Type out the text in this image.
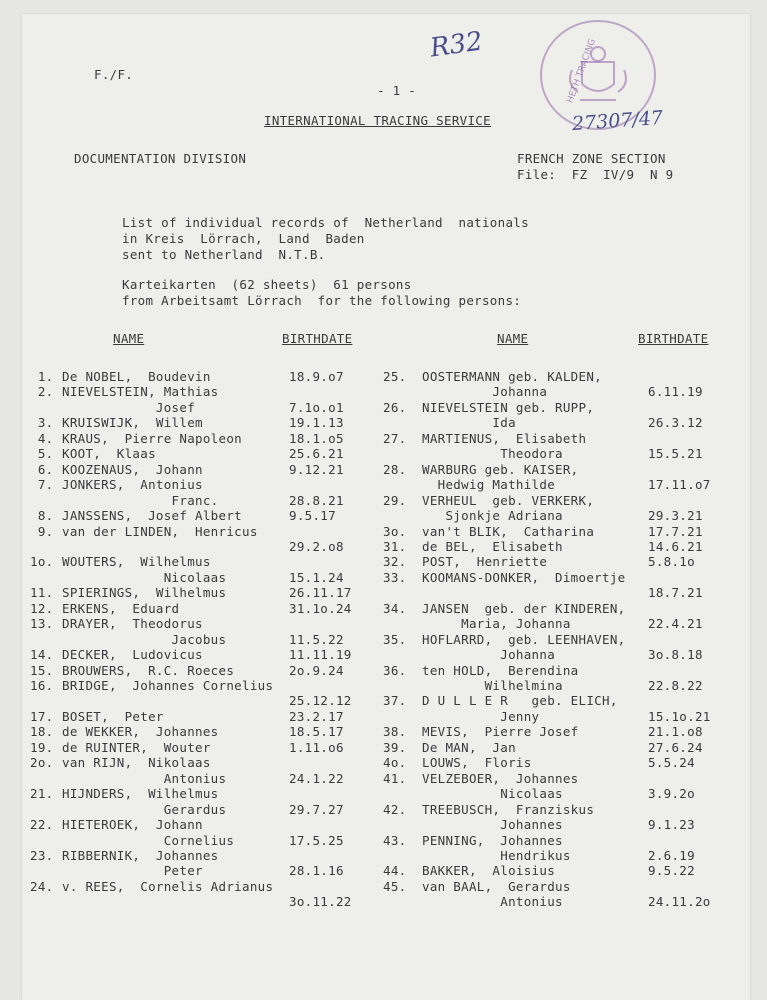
R32	HETH TRACING
27307/47
F./F.
- 1 -
INTERNATIONAL TRACING SERVICE
DOCUMENTATION DIVISION	FRENCH ZONE SECTION
File:  FZ  IV/9  N 9
List of individual records of  Netherland  nationals
in Kreis  Lörrach,  Land  Baden
sent to Netherland  N.T.B.
Karteikarten  (62 sheets)  61 persons
from Arbeitsamt Lörrach  for the following persons:
NAME	BIRTHDATE	NAME	BIRTHDATE
1. De NOBEL,  Boudevin	18.9.o7
2. NIEVELSTEIN, Mathias
Josef	7.1o.o1
3. KRUISWIJK,  Willem	19.1.13
4. KRAUS,  Pierre Napoleon	18.1.o5
5. KOOT,  Klaas	25.6.21
6. KOOZENAUS,  Johann	9.12.21
7. JONKERS,  Antonius
Franc.	28.8.21
8. JANSSENS,  Josef Albert	9.5.17
9. van der LINDEN,  Henricus
29.2.o8
1o. WOUTERS,  Wilhelmus
Nicolaas	15.1.24
11. SPIERINGS,  Wilhelmus	26.11.17
12. ERKENS,  Eduard	31.1o.24
13. DRAYER,  Theodorus
Jacobus	11.5.22
14. DECKER,  Ludovicus	11.11.19
15. BROUWERS,  R.C. Roeces	2o.9.24
16. BRIDGE,  Johannes Cornelius
25.12.12
17. BOSET,  Peter	23.2.17
18. de WEKKER,  Johannes	18.5.17
19. de RUINTER,  Wouter	1.11.o6
2o. van RIJN,  Nikolaas
Antonius	24.1.22
21. HIJNDERS,  Wilhelmus
Gerardus	29.7.27
22. HIETEROEK,  Johann
Cornelius	17.5.25
23. RIBBERNIK,  Johannes
Peter	28.1.16
24. v. REES,  Cornelis Adrianus
3o.11.22
25. OOSTERMANN geb. KALDEN,
Johanna	6.11.19
26. NIEVELSTEIN geb. RUPP,
Ida	26.3.12
27. MARTIENUS,  Elisabeth
Theodora	15.5.21
28. WARBURG geb. KAISER,
Hedwig Mathilde	17.11.o7
29. VERHEUL  geb. VERKERK,
Sjonkje Adriana	29.3.21
3o. van't BLIK,  Catharina	17.7.21
31. de BEL,  Elisabeth	14.6.21
32. POST,  Henriette	5.8.1o
33. KOOMANS-DONKER,  Dimoertje
18.7.21
34. JANSEN  geb. der KINDEREN,
Maria, Johanna	22.4.21
35. HOFLARRD,  geb. LEENHAVEN,
Johanna	3o.8.18
36. ten HOLD,  Berendina
Wilhelmina	22.8.22
37. D U L L E R   geb. ELICH,
Jenny	15.1o.21
38. MEVIS,  Pierre Josef	21.1.o8
39. De MAN,  Jan	27.6.24
4o. LOUWS,  Floris	5.5.24
41. VELZEBOER,  Johannes
Nicolaas	3.9.2o
42. TREEBUSCH,  Franziskus
Johannes	9.1.23
43. PENNING,  Johannes
Hendrikus	2.6.19
44. BAKKER,  Aloisius	9.5.22
45. van BAAL,  Gerardus
Antonius	24.11.2o
